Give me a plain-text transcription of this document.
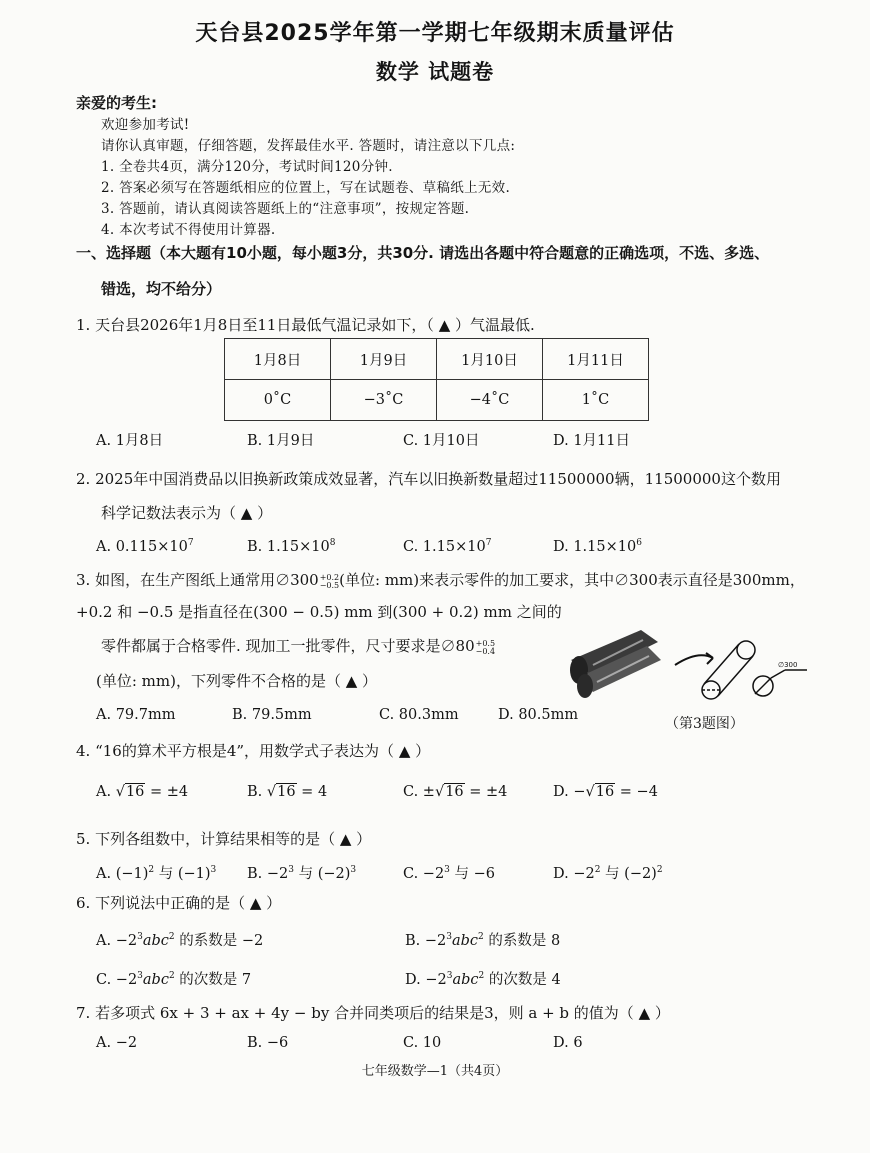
天台县2025学年第一学期七年级期末质量评估
数学 试题卷
亲爱的考生:
欢迎参加考试!
请你认真审题，仔细答题，发挥最佳水平. 答题时，请注意以下几点:
1. 全卷共4页，满分120分，考试时间120分钟.
2. 答案必须写在答题纸相应的位置上，写在试题卷、草稿纸上无效.
3. 答题前，请认真阅读答题纸上的“注意事项”，按规定答题.
4. 本次考试不得使用计算器.
一、选择题（本大题有10小题，每小题3分，共30分. 请选出各题中符合题意的正确选项，不选、多选、
错选，均不给分）
1. 天台县2026年1月8日至11日最低气温记录如下，（ ▲ ）气温最低.
1月8日	1月9日	1月10日	1月11日
0˚C	−3˚C	−4˚C	1˚C
A. 1月8日	B. 1月9日	C. 1月10日	D. 1月11日
2. 2025年中国消费品以旧换新政策成效显著，汽车以旧换新数量超过11500000辆，11500000这个数用
科学记数法表示为（ ▲ ）
A. $0.115\times 10^7$	B. $1.15\times 10^8$	C. $1.15\times 10^7$	D. $1.15\times 10^6$
3. 如图，在生产图纸上通常用∅300+0.2
−0.5(单位: mm)来表示零件的加工要求，其中∅300表示直径是300mm，
+0.2 和 −0.5 是指直径在(300 − 0.5) mm 到(300 + 0.2) mm 之间的
零件都属于合格零件. 现加工一批零件，尺寸要求是∅80+0.5
−0.4
(单位: mm)，下列零件不合格的是（ ▲ ）
A. 79.7mm	B. 79.5mm	C. 80.3mm	D. 80.5mm
∅300
（第3题图）
4. “16的算术平方根是4”，用数学式子表达为（ ▲ ）
A. √16 = ±4	B. √16 = 4	C. ±√16 = ±4	D. −√16 = −4
5. 下列各组数中，计算结果相等的是（ ▲ ）
A. $(-1)^2$ 与 $(-1)^3$ B. $-2^3$ 与 $(-2)^3$	C. $-2^3$ 与 −6	D. $-2^2$ 与 $(-2)^2$
6. 下列说法中正确的是（ ▲ ）
A. $-2^3abc^2$ 的系数是 −2	B. $-2^3abc^2$ 的系数是 8
C. $-2^3abc^2$ 的次数是 7	D. $-2^3abc^2$ 的次数是 4
7. 若多项式 6x + 3 + ax + 4y − by 合并同类项后的结果是3，则 a + b 的值为（ ▲ ）
A. −2	B. −6	C. 10	D. 6
七年级数学—1（共4页）
